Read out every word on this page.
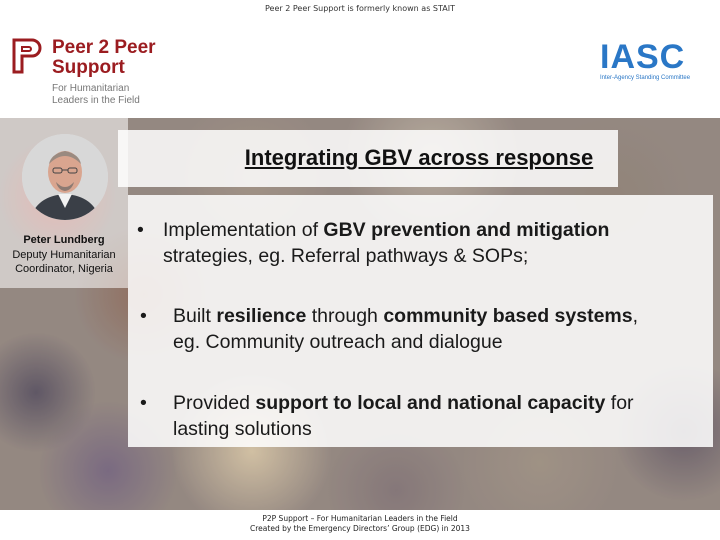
Peer 2 Peer Support is formerly known as STAIT
Peer 2 Peer
Support
For Humanitarian
Leaders in the Field
IASC
Inter-Agency Standing Committee
Integrating GBV across response
Peter Lundberg
Deputy Humanitarian
Coordinator, Nigeria
• Implementation of GBV prevention and mitigation
strategies, eg. Referral pathways & SOPs;
• Built resilience through community based systems,
eg. Community outreach and dialogue
• Provided support to local and national capacity for
lasting solutions
P2P Support – For Humanitarian Leaders in the Field
Created by the Emergency Directors’ Group (EDG) in 2013
